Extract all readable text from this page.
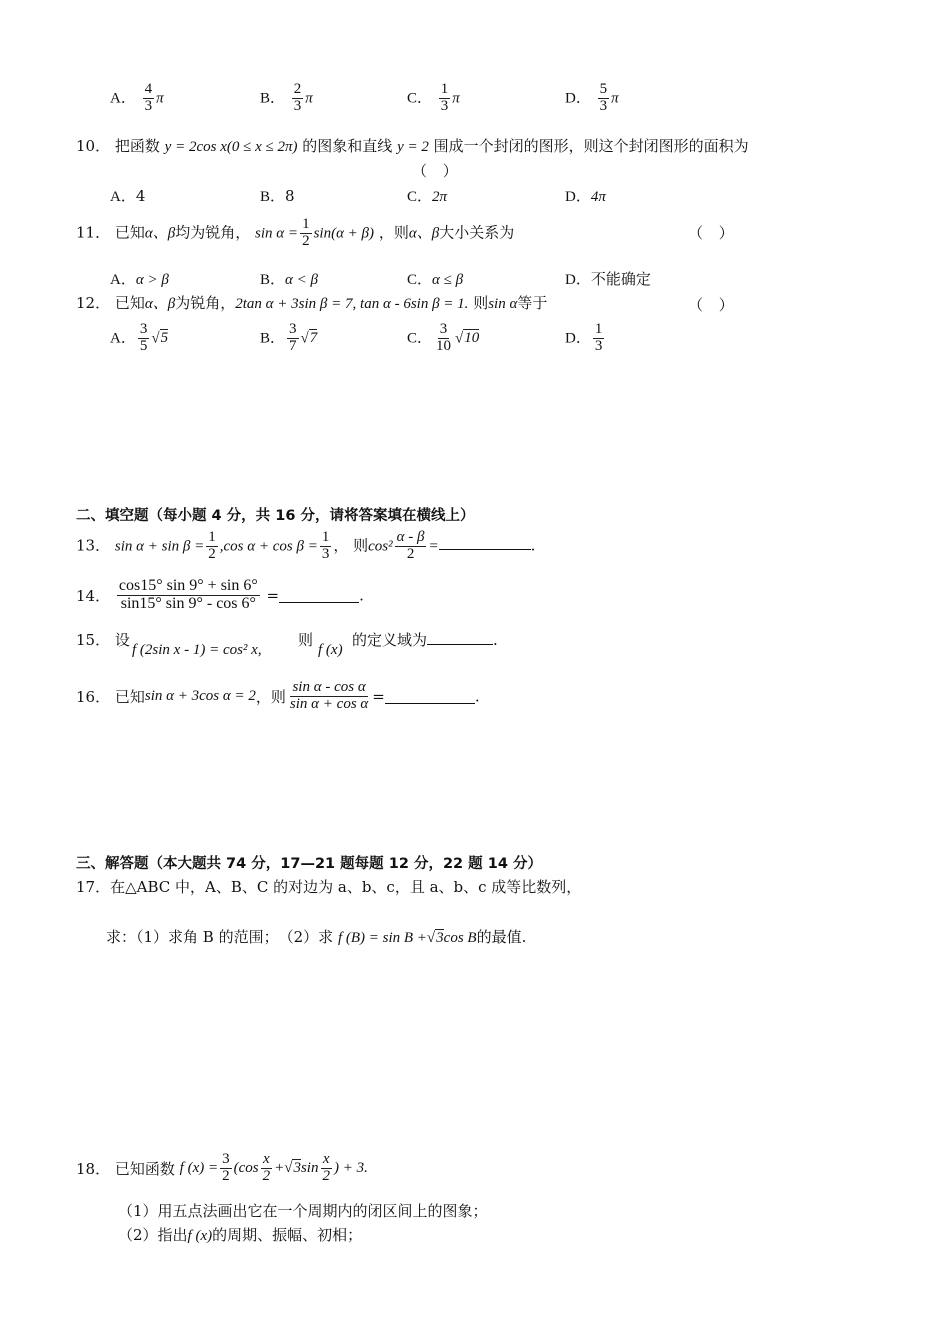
A． $\frac{4}{3}$ π	B． $\frac{2}{3}$ π	C． $\frac{1}{3}$ π	D． $\frac{5}{3}$ π
10． 把函数 y = 2cos x(0 ≤ x ≤ 2π) 的图象和直线 y = 2 围成一个封闭的图形，则这个封闭图形的面积为
（ ）
A．4	B．8	C．2π	D．4π
11． 已知α、β均为锐角， $\sin \alpha = \frac{1}{2} \sin(\alpha + \beta)$ ，则α、β大小关系为	（ ）
A．α > β	B．α < β	C．α ≤ β	D．不能确定
12． 已知α、β为锐角，2tan α + 3sin β = 7, tan α - 6sin β = 1. 则sin α等于	（ ）
A． $\frac{3}{5} √5$	B． $\frac{3}{7} √7$	C． $\frac{3}{10} √10$	D． $\frac{1}{3}$
二、填空题（每小题 4 分，共 16 分，请将答案填在横线上）
13． $\sin \alpha + \sin \beta = \frac{1}{2} ,\cos$ $\alpha + \cos \beta = \frac{1}{3}$ ， 则$\cos^2 \frac{\alpha - \beta}{2}$ =	.
14． $\frac{\cos 15^\circ \sin 9^\circ + \sin 6^\circ}{\sin 15^\circ \sin 9^\circ - \cos 6^\circ}$ =	.
15． 设
f (2sin x - 1) = cos² x,
则
f (x)
的定义域为	.
16． 已知sin α + 3cos α = 2，则 $\frac{\text{sin α - cos α}}{\text{sin α + cos α}}$ =	.
三、解答题（本大题共 74 分，17—21 题每题 12 分，22 题 14 分）
17．在△ABC 中，A、B、C 的对边为 a、b、c，且 a、b、c 成等比数列，
求：（1）求角 B 的范围；　（2）求 f (B) = sin B +√3cos B的最值.
18． 已知函数 f $(x) = \frac{3}{2} (\cos \frac{x}{2} +√3\sin \frac{x}{2}$ ) + 3.
（1）用五点法画出它在一个周期内的闭区间上的图象；
（2）指出f (x)的周期、振幅、初相；
